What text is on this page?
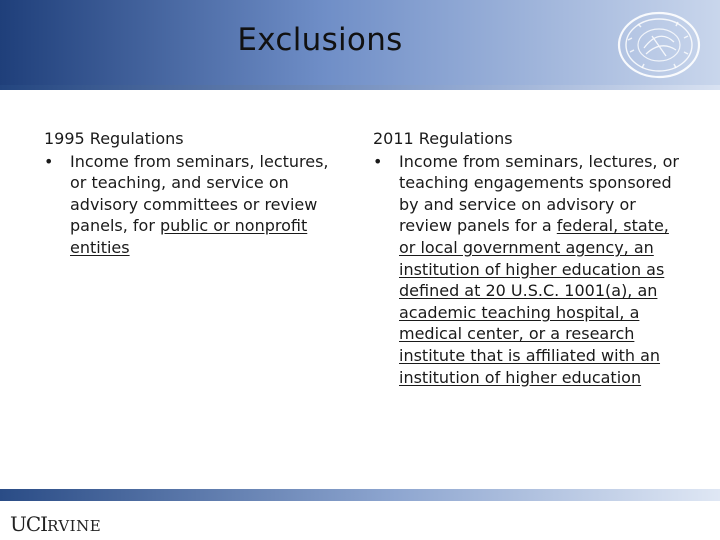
Exclusions
1995 Regulations
•	Income from seminars, lectures, or teaching, and service on advisory committees or review panels, for public or nonprofit entities
2011 Regulations
•	Income from seminars, lectures, or teaching engagements sponsored by and service on advisory or review panels for a federal, state, or local government agency, an institution of higher education as defined at 20 U.S.C. 1001(a), an academic teaching hospital, a medical center, or a research institute that is affiliated with an institution of higher education
UCIRVINE
